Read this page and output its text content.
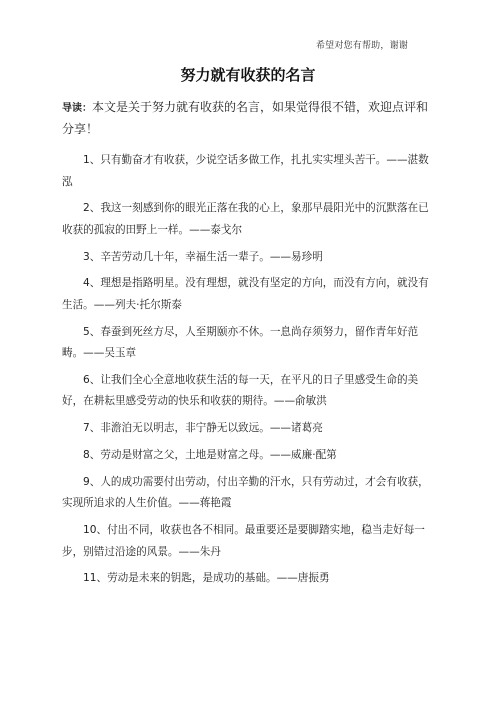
希望对您有帮助，谢谢
努力就有收获的名言
导读：本文是关于努力就有收获的名言，如果觉得很不错，欢迎点评和分享！

1、只有勤奋才有收获，少说空话多做工作，扎扎实实埋头苦干。——湛数泓

2、我这一刻感到你的眼光正落在我的心上，象那早晨阳光中的沉默落在已收获的孤寂的田野上一样。——泰戈尔

3、辛苦劳动几十年，幸福生活一辈子。——易珍明

4、理想是指路明星。没有理想，就没有坚定的方向，而没有方向，就没有生活。——列夫·托尔斯泰

5、春蚕到死丝方尽，人至期颐亦不休。一息尚存须努力，留作青年好范畴。——吴玉章

6、让我们全心全意地收获生活的每一天，在平凡的日子里感受生命的美好，在耕耘里感受劳动的快乐和收获的期待。——俞敏洪

7、非澹泊无以明志，非宁静无以致远。——诸葛亮

8、劳动是财富之父，土地是财富之母。——威廉·配第

9、人的成功需要付出劳动，付出辛勤的汗水，只有劳动过，才会有收获，实现所追求的人生价值。——蒋艳霞

10、付出不同，收获也各不相同。最重要还是要脚踏实地，稳当走好每一步，别错过沿途的风景。——朱丹

11、劳动是未来的钥匙，是成功的基础。——唐振勇
